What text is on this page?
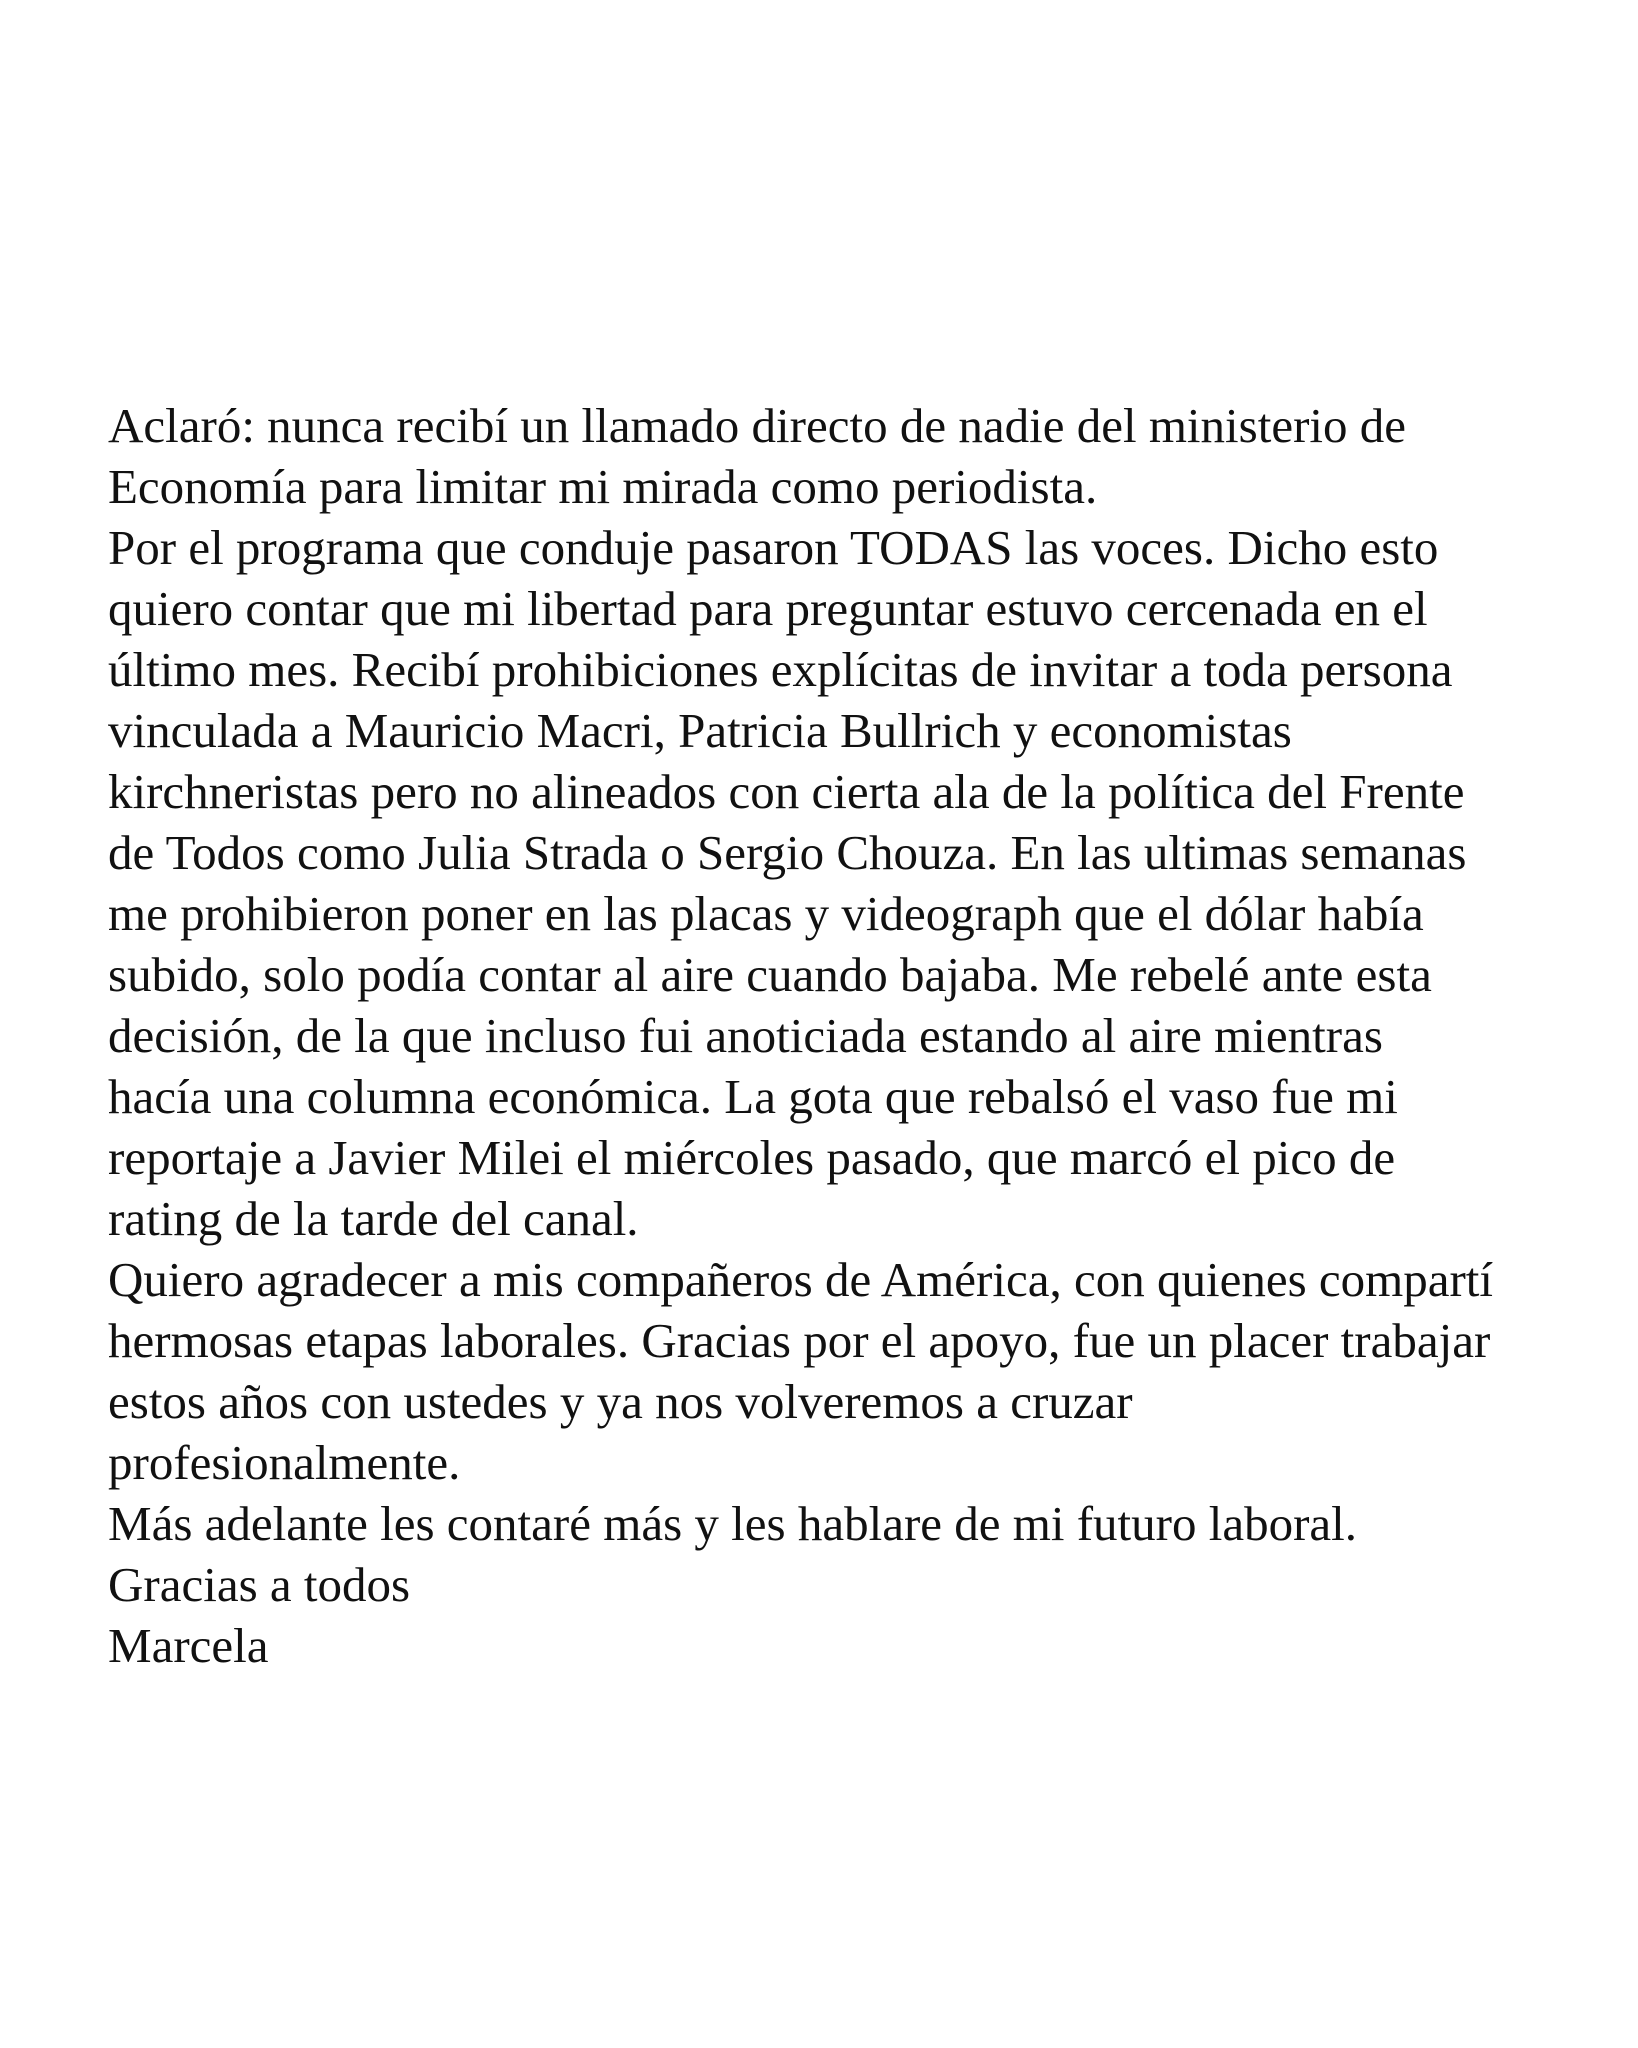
Aclaró: nunca recibí un llamado directo de nadie del ministerio de
Economía para limitar mi mirada como periodista.
Por el programa que conduje pasaron TODAS las voces. Dicho esto
quiero contar que mi libertad para preguntar estuvo cercenada en el
último mes. Recibí prohibiciones explícitas de invitar a toda persona
vinculada a Mauricio Macri, Patricia Bullrich y economistas
kirchneristas pero no alineados con cierta ala de la política del Frente
de Todos como Julia Strada o Sergio Chouza. En las ultimas semanas
me prohibieron poner en las placas y videograph que el dólar había
subido, solo podía contar al aire cuando bajaba. Me rebelé ante esta
decisión, de la que incluso fui anoticiada estando al aire mientras
hacía una columna económica. La gota que rebalsó el vaso fue mi
reportaje a Javier Milei el miércoles pasado, que marcó el pico de
rating de la tarde del canal.
Quiero agradecer a mis compañeros de América, con quienes compartí
hermosas etapas laborales. Gracias por el apoyo, fue un placer trabajar
estos años con ustedes y ya nos volveremos a cruzar
profesionalmente.
Más adelante les contaré más y les hablare de mi futuro laboral.
Gracias a todos
Marcela
